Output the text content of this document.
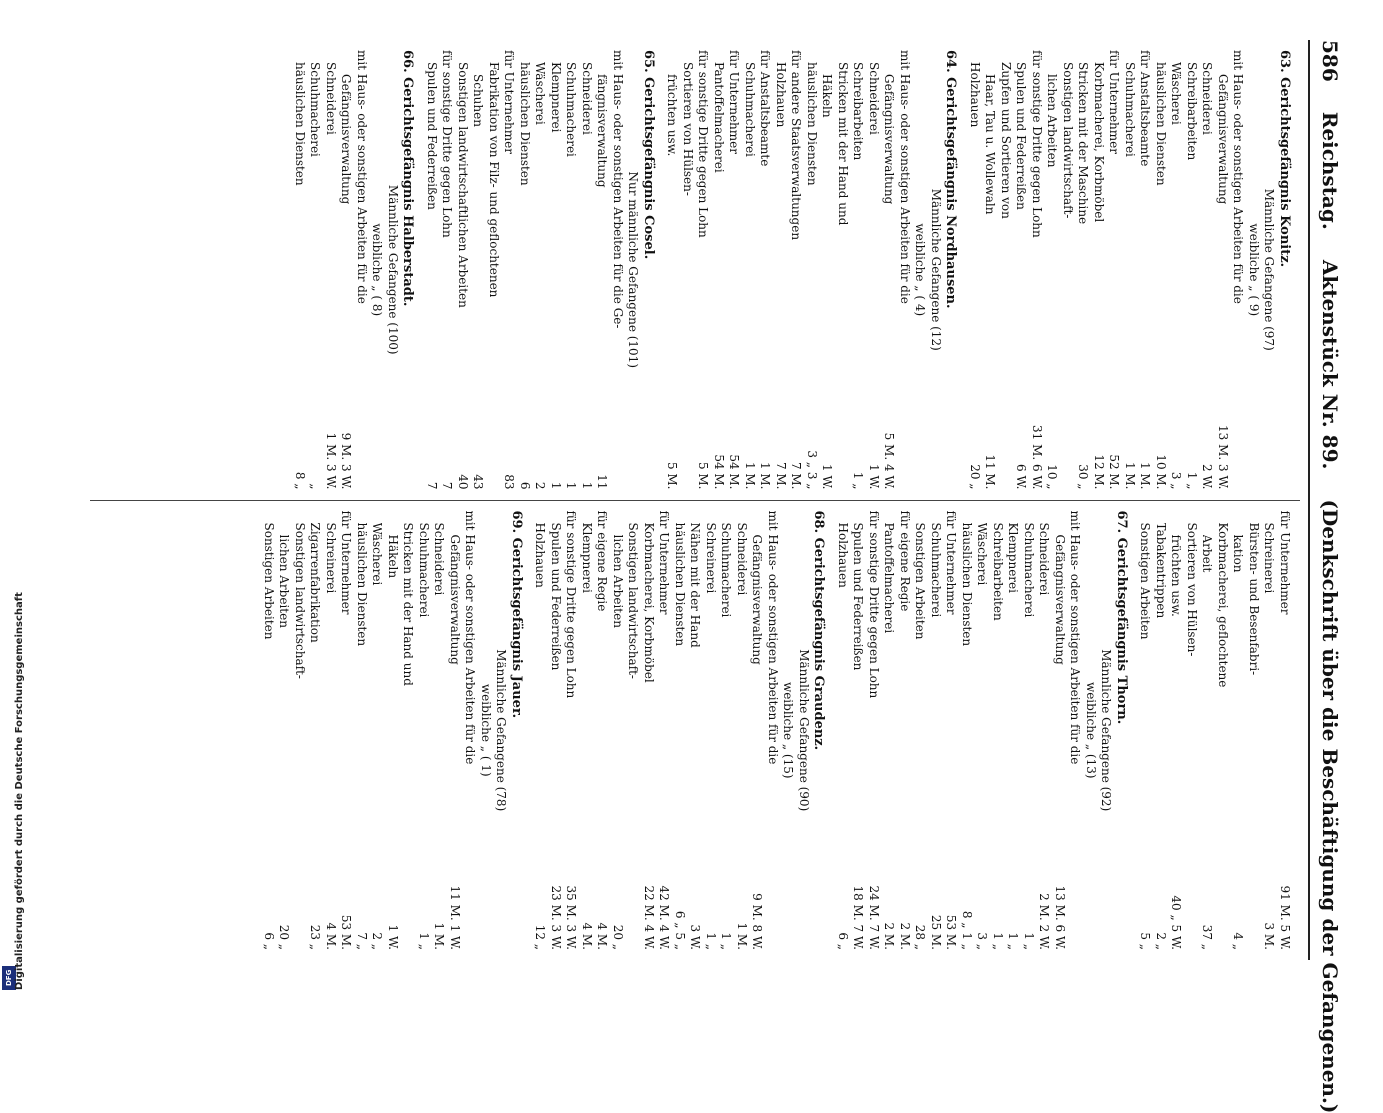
DFG Digitalisierung gefördert durch die Deutsche Forschungsgemeinschaft
586
Reichstag.
Aktenstück Nr. 89.
(Denkschrift über die Beschäftigung der Gefangenen.)
63. Gerichtsgefängnis Konitz.
Männliche Gefangene (97)
weibliche „ ( 9)
mit Haus- oder sonstigen Arbeiten für die
Gefängnisverwaltung
13 M. 3 W.
Schneiderei
2 W.
Schreibarbeiten
1 „
Wäscherei
3 „
häuslichen Diensten
10 M.
für Anstaltsbeamte
1 M.
Schuhmacherei
1 M.
für Unternehmer
52 M.
Korbmacherei, Korbmöbel
12 M.
Stricken mit der Maschine
30 „
Sonstigen landwirtschaft-
lichen Arbeiten
10 „
für sonstige Dritte gegen Lohn
31 M. 6 W.
Spulen und Federreißen
6 W.
Zupfen und Sortieren von
Haar, Tau u. Wollewaln
11 M.
Holzhauen
20 „
64. Gerichtsgefängnis Nordhausen.
Männliche Gefangene (12)
weibliche „ ( 4)
mit Haus- oder sonstigen Arbeiten für die
Gefängnisverwaltung
5 M. 4 W.
Schneiderei
1 W.
Schreibarbeiten
1 „
Stricken mit der Hand und
Häkeln
1 W.
häuslichen Diensten
3 „ 3 „
für andere Staatsverwaltungen
7 M.
Holzhauen
7 M.
für Anstaltsbeamte
1 M.
Schuhmacherei
1 M.
für Unternehmer
54 M.
Pantoffelmacherei
54 M.
für sonstige Dritte gegen Lohn
5 M.
Sortieren von Hülsen-
früchten usw.
5 M.
65. Gerichtsgefängnis Cosel.
Nur männliche Gefangene (101)
mit Haus- oder sonstigen Arbeiten für die Ge-
fängnisverwaltung
11
Schneiderei
1
Schuhmacherei
1
Klempnerei
1
Wäscherei
2
häuslichen Diensten
6
für Unternehmer
83
Fabrikation von Filz- und geflochtenen
Schuhen
43
Sonstigen landwirtschaftlichen Arbeiten
40
für sonstige Dritte gegen Lohn
7
Spulen und Federreißen
7
66. Gerichtsgefängnis Halberstadt.
Männliche Gefangene (100)
weibliche „ ( 8)
mit Haus- oder sonstigen Arbeiten für die
Gefängnisverwaltung
9 M. 3 W.
Schneiderei
1 M. 3 W.
Schuhmacherei
„
häuslichen Diensten
8 „
für Unternehmer
91 M. 5 W.
Schreinerei
3 M.
Bürsten- und Besenfabri-
kation
4 „
Korbmacherei, geflochtene
Arbeit
37 „
Sortieren von Hülsen-
früchten usw.
40 „ 5 W.
Tabakentrippen
2 „
Sonstigen Arbeiten
5 „
67. Gerichtsgefängnis Thorn.
Männliche Gefangene (92)
weibliche „ (13)
mit Haus- oder sonstigen Arbeiten für die
Gefängnisverwaltung
13 M. 6 W.
Schneiderei
2 M. 2 W.
Schuhmacherei
1 „
Klempnerei
1 „
Schreibarbeiten
1 „
Wäscherei
3 „
häuslichen Diensten
8 „ 1 „
für Unternehmer
53 M.
Schuhmacherei
25 M.
Sonstigen Arbeiten
28 „
für eigene Regie
2 M.
Pantoffelmacherei
2 M.
für sonstige Dritte gegen Lohn
24 M. 7 W.
Spulen und Federreißen
18 M. 7 W.
Holzhauen
6 „
68. Gerichtsgefängnis Graudenz.
Männliche Gefangene (90)
weibliche „ (15)
mit Haus- oder sonstigen Arbeiten für die
Gefängnisverwaltung
9 M. 8 W.
Schneiderei
1 M.
Schuhmacherei
1 „
Schreinerei
1 „
Nähen mit der Hand
3 W.
häuslichen Diensten
6 „ 5 „
für Unternehmer
42 M. 4 W.
Korbmacherei, Korbmöbel
22 M. 4 W.
Sonstigen landwirtschaft-
lichen Arbeiten
20 „
für eigene Regie
4 M.
Klempnerei
4 M.
für sonstige Dritte gegen Lohn
35 M. 3 W.
Spulen und Federreißen
23 M. 3 W.
Holzhauen
12 „
69. Gerichtsgefängnis Jauer.
Männliche Gefangene (78)
weibliche „ ( 1)
mit Haus- oder sonstigen Arbeiten für die
Gefängnisverwaltung
11 M. 1 W.
Schneiderei
1 M.
Schuhmacherei
1 „
Stricken mit der Hand und
Häkeln
1 W.
Wäscherei
2 „
häuslichen Diensten
7 „
für Unternehmer
53 M.
Schreinerei
4 M.
Zigarrenfabrikation
23 „
Sonstigen landwirtschaft-
lichen Arbeiten
20 „
Sonstigen Arbeiten
6 „
